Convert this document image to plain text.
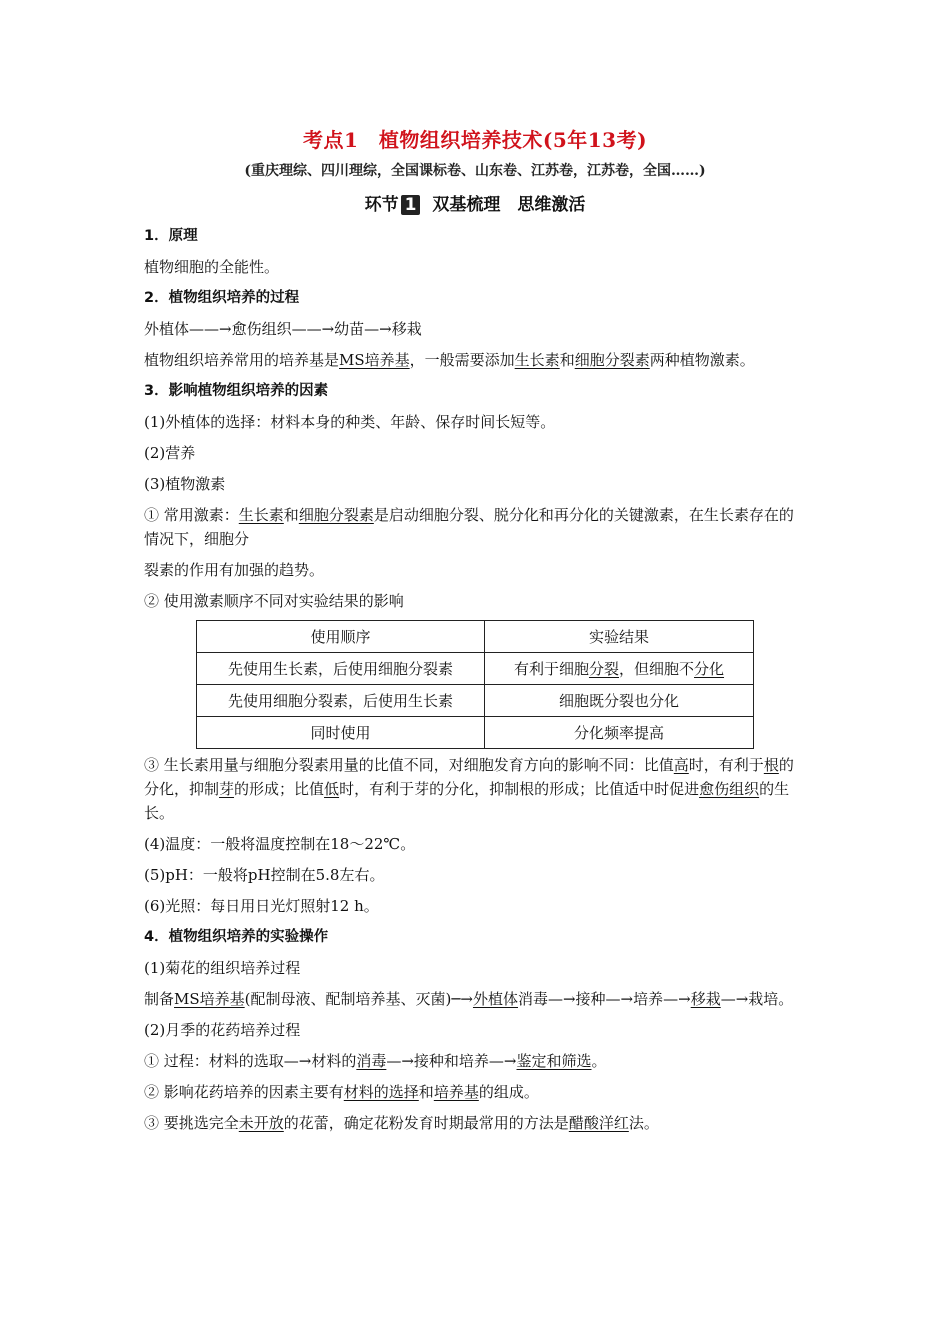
考点1　植物组织培养技术(5年13考)
(重庆理综、四川理综，全国课标卷、山东卷、江苏卷，江苏卷，全国……)
环节 1 双基梳理　思维激活
1．原理
植物细胞的全能性。
2．植物组织培养的过程
外植体——→愈伤组织——→幼苗—→移栽
植物组织培养常用的培养基是MS培养基，一般需要添加生长素和细胞分裂素两种植物激素。
3．影响植物组织培养的因素
(1)外植体的选择：材料本身的种类、年龄、保存时间长短等。
(2)营养
(3)植物激素
① 常用激素：生长素和细胞分裂素是启动细胞分裂、脱分化和再分化的关键激素，在生长素存在的情况下，细胞分
裂素的作用有加强的趋势。
② 使用激素顺序不同对实验结果的影响
使用顺序	实验结果
先使用生长素，后使用细胞分裂素	有利于细胞分裂，但细胞不分化
先使用细胞分裂素，后使用生长素	细胞既分裂也分化
同时使用	分化频率提高
③ 生长素用量与细胞分裂素用量的比值不同，对细胞发育方向的影响不同：比值高时，有利于根的分化，抑制芽的形成；比值低时，有利于芽的分化，抑制根的形成；比值适中时促进愈伤组织的生长。
(4)温度：一般将温度控制在18～22℃。
(5)pH：一般将pH控制在5.8左右。
(6)光照：每日用日光灯照射12 h。
4．植物组织培养的实验操作
(1)菊花的组织培养过程
制备MS培养基(配制母液、配制培养基、灭菌)─→外植体消毒—→接种—→培养—→移栽—→栽培。
(2)月季的花药培养过程
① 过程：材料的选取—→材料的消毒—→接种和培养—→鉴定和筛选。
② 影响花药培养的因素主要有材料的选择和培养基的组成。
③ 要挑选完全未开放的花蕾，确定花粉发育时期最常用的方法是醋酸洋红法。
